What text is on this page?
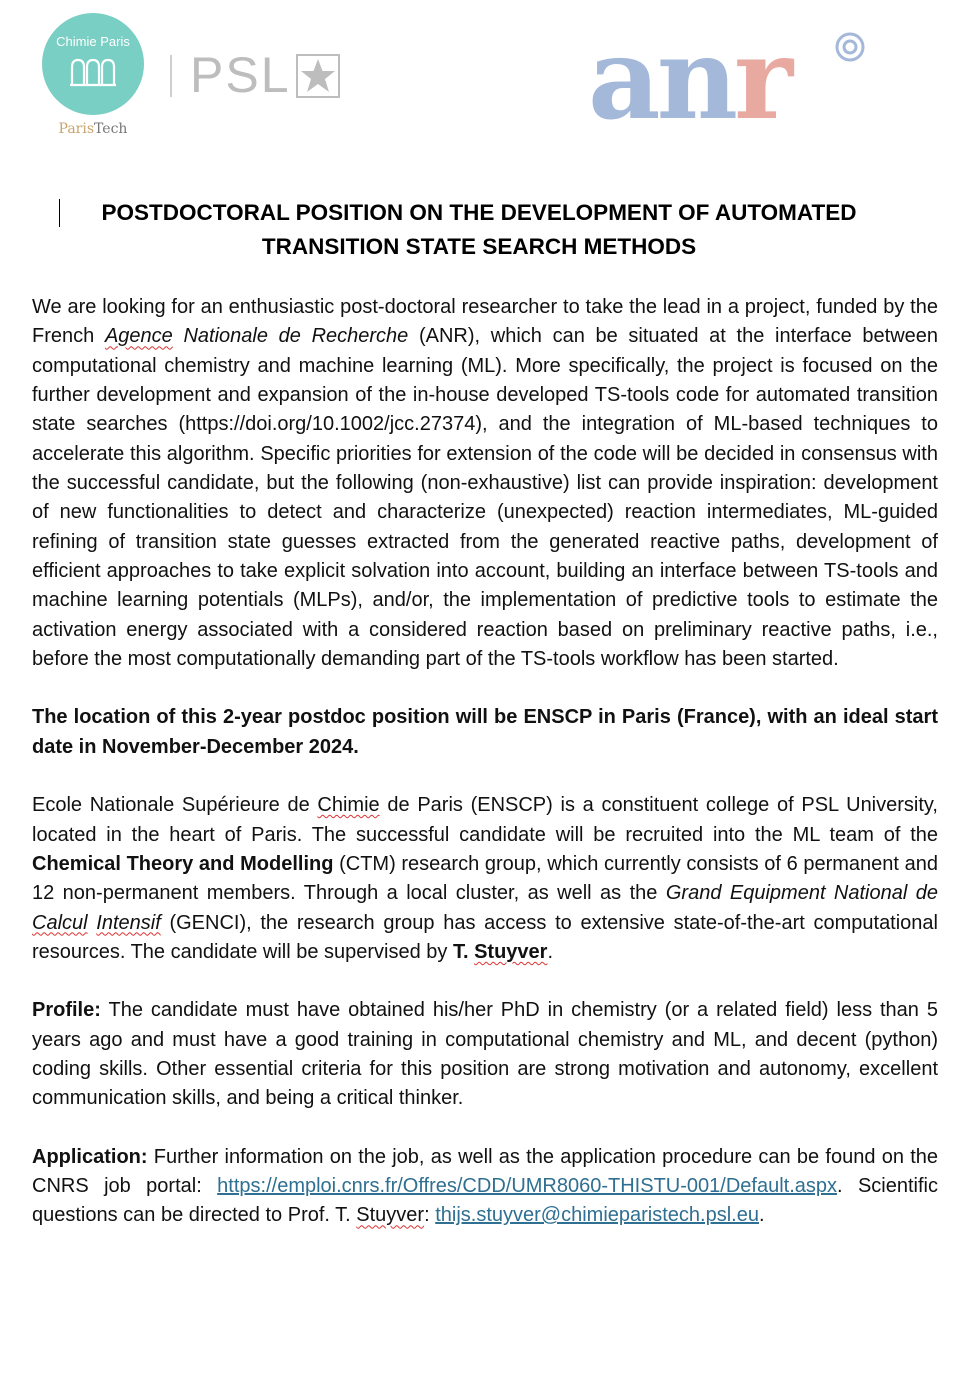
Chimie Paris
ParisTech
PSL	anr
POSTDOCTORAL POSITION ON THE DEVELOPMENT OF AUTOMATED
TRANSITION STATE SEARCH METHODS

We are looking for an enthusiastic post-doctoral researcher to take the lead in a project, funded by the French Agence Nationale de Recherche (ANR), which can be situated at the interface between computational chemistry and machine learning (ML). More specifically, the project is focused on the further development and expansion of the in-house developed TS-tools code for automated transition state searches (https://doi.org/10.1002/jcc.27374), and the integration of ML-based techniques to accelerate this algorithm. Specific priorities for extension of the code will be decided in consensus with the successful candidate, but the following (non-exhaustive) list can provide inspiration: development of new functionalities to detect and characterize (unexpected) reaction intermediates, ML-guided refining of transition state guesses extracted from the generated reactive paths, development of efficient approaches to take explicit solvation into account, building an interface between TS-tools and machine learning potentials (MLPs), and/or, the implementation of predictive tools to estimate the activation energy associated with a considered reaction based on preliminary reactive paths, i.e., before the most computationally demanding part of the TS-tools workflow has been started.

The location of this 2-year postdoc position will be ENSCP in Paris (France), with an ideal start date in November-December 2024.

Ecole Nationale Supérieure de Chimie de Paris (ENSCP) is a constituent college of PSL University, located in the heart of Paris. The successful candidate will be recruited into the ML team of the Chemical Theory and Modelling (CTM) research group, which currently consists of 6 permanent and 12 non-permanent members. Through a local cluster, as well as the Grand Equipment National de Calcul Intensif (GENCI), the research group has access to extensive state-of-the-art computational resources. The candidate will be supervised by T. Stuyver.

Profile: The candidate must have obtained his/her PhD in chemistry (or a related field) less than 5 years ago and must have a good training in computational chemistry and ML, and decent (python) coding skills. Other essential criteria for this position are strong motivation and autonomy, excellent communication skills, and being a critical thinker.

Application: Further information on the job, as well as the application procedure can be found on the CNRS job portal: https://emploi.cnrs.fr/Offres/CDD/UMR8060-THISTU-001/Default.aspx. Scientific questions can be directed to Prof. T. Stuyver: thijs.stuyver@chimieparistech.psl.eu.
